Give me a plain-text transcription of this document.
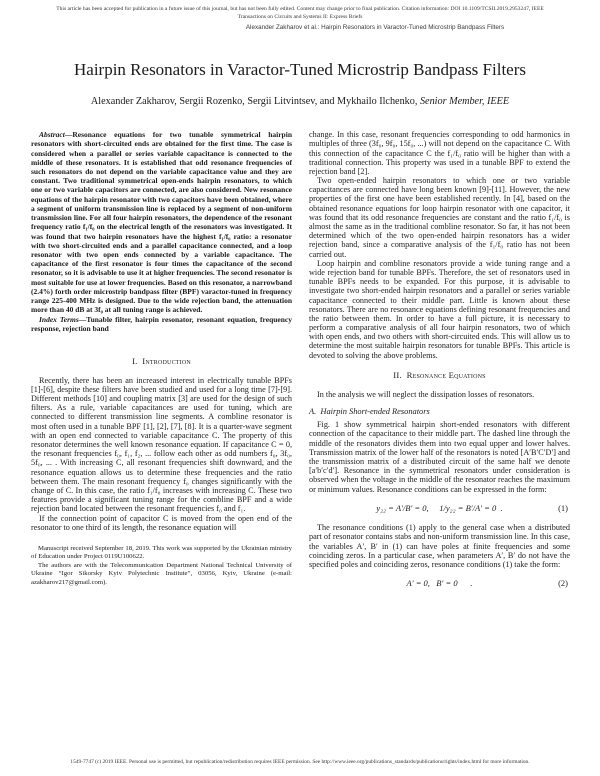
This article has been accepted for publication in a future issue of this journal, but has not been fully edited. Content may change prior to final publication. Citation information: DOI 10.1109/TCSII.2019.2953247, IEEE
Transactions on Circuits and Systems II: Express Briefs
Alexander Zakharov et al.: Hairpin Resonators in Varactor-Tuned Microstrip Bandpass Filters
Hairpin Resonators in Varactor-Tuned Microstrip Bandpass Filters
Alexander Zakharov, Sergii Rozenko, Sergii Litvintsev, and Mykhailo Ilchenko, Senior Member, IEEE

Abstract—Resonance equations for two tunable symmetrical hairpin resonators with short-circuited ends are obtained for the first time. The case is considered when a parallel or series variable capacitance is connected to the middle of these resonators. It is established that odd resonance frequencies of such resonators do not depend on the variable capacitance value and they are constant. Two traditional symmetrical open-ends hairpin resonators, to which one or two variable capacitors are connected, are also considered. New resonance equations of the hairpin resonator with two capacitors have been obtained, where a segment of uniform transmission line is replaced by a segment of non-uniform transmission line. For all four hairpin resonators, the dependence of the resonant frequency ratio f₁/f₀ on the electrical length of the resonators was investigated. It was found that two hairpin resonators have the highest f₁/f₀ ratio: a resonator with two short-circuited ends and a parallel capacitance connected, and a loop resonator with two open ends connected by a variable capacitance. The capacitance of the first resonator is four times the capacitance of the second resonator, so it is advisable to use it at higher frequencies. The second resonator is most suitable for use at lower frequencies. Based on this resonator, a narrowband (2.4%) forth order microstrip bandpass filter (BPF) varactor-tuned in frequency range 225-400 MHz is designed. Due to the wide rejection band, the attenuation more than 40 dB at 3f₀ at all tuning range is achieved.

Index Terms—Tunable filter, hairpin resonator, resonant equation, frequency response, rejection band

I.  Introduction

Recently, there has been an increased interest in electrically tunable BPFs [1]-[6], despite these filters have been studied and used for a long time [7]-[9]. Different methods [10] and coupling matrix [3] are used for the design of such filters. As a rule, variable capacitances are used for tuning, which are connected to different transmission line segments. A combline resonator is most often used in a tunable BPF [1], [2], [7], [8]. It is a quarter-wave segment with an open end connected to variable capacitance C. The property of this resonator determines the well known resonance equation. If capacitance C = 0, the resonant frequencies f₀, f₁, f₂, ... follow each other as odd numbers f₀, 3f₀, 5f₀, ... . With increasing C, all resonant frequencies shift downward, and the resonance equation allows us to determine these frequencies and the ratio between them. The main resonant frequency f₀ changes significantly with the change of C. In this case, the ratio f₁/f₀ increases with increasing C. These two features provide a significant tuning range for the combline BPF and a wide rejection band located between the resonant frequencies f₀ and f₁.

If the connection point of capacitor C is moved from the open end of the resonator to one third of its length, the resonance equation will

Manuscript received September 18, 2019. This work was supported by the Ukrainian ministry of Education under Project 0119U100622.

The authors are with the Telecommunication Department National Technical University of Ukraine “Igor Sikorsky Kyiv Polytechnic Institute”, 03056, Kyiv, Ukraine (e-mail: azakharov217@gmail.com).

change. In this case, resonant frequencies corresponding to odd harmonics in multiples of three (3f₀, 9f₀, 15f₀, ...) will not depend on the capacitance C. With this connection of the capacitance C the f₁/f₀ ratio will be higher than with a traditional connection. This property was used in a tunable BPF to extend the rejection band [2].

Two open-ended hairpin resonators to which one or two variable capacitances are connected have long been known [9]-[11]. However, the new properties of the first one have been established recently. In [4], based on the obtained resonance equations for loop hairpin resonator with one capacitor, it was found that its odd resonance frequencies are constant and the ratio f₁/f₀ is almost the same as in the traditional combline resonator. So far, it has not been determined which of the two open-ended hairpin resonators has a wider rejection band, since a comparative analysis of the f₁/f₀ ratio has not been carried out.

Loop hairpin and combline resonators provide a wide tuning range and a wide rejection band for tunable BPFs. Therefore, the set of resonators used in tunable BPFs needs to be expanded. For this purpose, it is advisable to investigate two short-ended hairpin resonators and a parallel or series variable capacitance connected to their middle part. Little is known about these resonators. There are no resonance equations defining resonant frequencies and the ratio between them. In order to have a full picture, it is necessary to perform a comparative analysis of all four hairpin resonators, two of which with open ends, and two others with short-circuited ends. This will allow us to determine the most suitable hairpin resonators for tunable BPFs. This article is devoted to solving the above problems.

II.  Resonance Equations

In the analysis we will neglect the dissipation losses of resonators.

A.  Hairpin Short-ended Resonators

Fig. 1 show symmetrical hairpin short-ended resonators with different connection of the capacitance to their middle part. The dashed line through the middle of the resonators divides them into two equal upper and lower halves. Transmission matrix of the lower half of the resonators is noted [A′B′C′D′] and the transmission matrix of a distributed circuit of the same half we denote [a′b′c′d′]. Resonance in the symmetrical resonators under consideration is observed when the voltage in the middle of the resonator reaches the maximum or minimum values. Resonance conditions can be expressed in the form:

y₂₂ = A′/B′ = 0,  1/y₂₂ = B′/A′ = 0 .	(1)

The resonance conditions (1) apply to the general case when a distributed part of resonator contains stabs and non-uniform transmission line. In this case, the variables A′, B′ in (1) can have poles at finite frequencies and some coinciding zeros. In a particular case, when parameters A′, B′ do not have the specified poles and coinciding zeros, resonance conditions (1) take the form:

A′ = 0,  B′ = 0  .	(2)
1549-7747 (c) 2019 IEEE. Personal use is permitted, but republication/redistribution requires IEEE permission. See http://www.ieee.org/publications_standards/publications/rights/index.html for more information.
